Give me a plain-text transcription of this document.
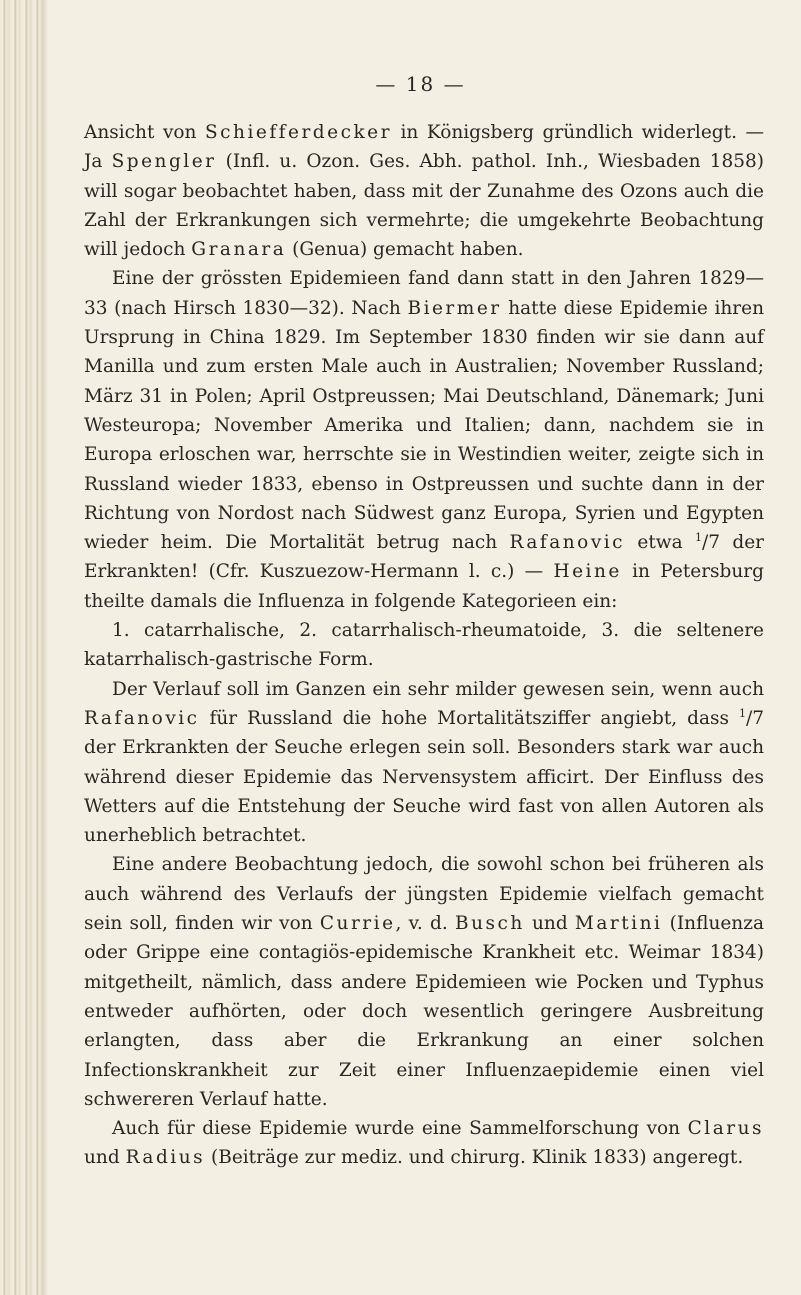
— 18 —

Ansicht von Schiefferdecker in Königsberg gründlich widerlegt. — Ja Spengler (Infl. u. Ozon. Ges. Abh. pathol. Inh., Wiesbaden 1858) will sogar beobachtet haben, dass mit der Zunahme des Ozons auch die Zahl der Erkrankungen sich vermehrte; die umgekehrte Beobachtung will jedoch Granara (Genua) gemacht haben.

Eine der grössten Epidemieen fand dann statt in den Jahren 1829—33 (nach Hirsch 1830—32). Nach Biermer hatte diese Epidemie ihren Ursprung in China 1829. Im September 1830 finden wir sie dann auf Manilla und zum ersten Male auch in Australien; November Russland; März 31 in Polen; April Ostpreussen; Mai Deutschland, Dänemark; Juni Westeuropa; November Amerika und Italien; dann, nachdem sie in Europa erloschen war, herrschte sie in Westindien weiter, zeigte sich in Russland wieder 1833, ebenso in Ostpreussen und suchte dann in der Richtung von Nordost nach Südwest ganz Europa, Syrien und Egypten wieder heim. Die Mortalität betrug nach Rafanovic etwa $^1$/7 der Erkrankten! (Cfr. Kuszuezow-Hermann l. c.) — Heine in Petersburg theilte damals die Influenza in folgende Kategorieen ein:

1. catarrhalische, 2. catarrhalisch-rheumatoide, 3. die seltenere katarrhalisch-gastrische Form.

Der Verlauf soll im Ganzen ein sehr milder gewesen sein, wenn auch Rafanovic für Russland die hohe Mortalitätsziffer angiebt, dass $^1$/7 der Erkrankten der Seuche erlegen sein soll. Besonders stark war auch während dieser Epidemie das Nervensystem afficirt. Der Einfluss des Wetters auf die Entstehung der Seuche wird fast von allen Autoren als unerheblich betrachtet.

Eine andere Beobachtung jedoch, die sowohl schon bei früheren als auch während des Verlaufs der jüngsten Epidemie vielfach gemacht sein soll, finden wir von Currie, v. d. Busch und Martini (Influenza oder Grippe eine contagiös-epidemische Krankheit etc. Weimar 1834) mitgetheilt, nämlich, dass andere Epidemieen wie Pocken und Typhus entweder aufhörten, oder doch wesentlich geringere Ausbreitung erlangten, dass aber die Erkrankung an einer solchen Infectionskrankheit zur Zeit einer Influenzaepidemie einen viel schwereren Verlauf hatte.

Auch für diese Epidemie wurde eine Sammelforschung von Clarus und Radius (Beiträge zur mediz. und chirurg. Klinik 1833) angeregt.
